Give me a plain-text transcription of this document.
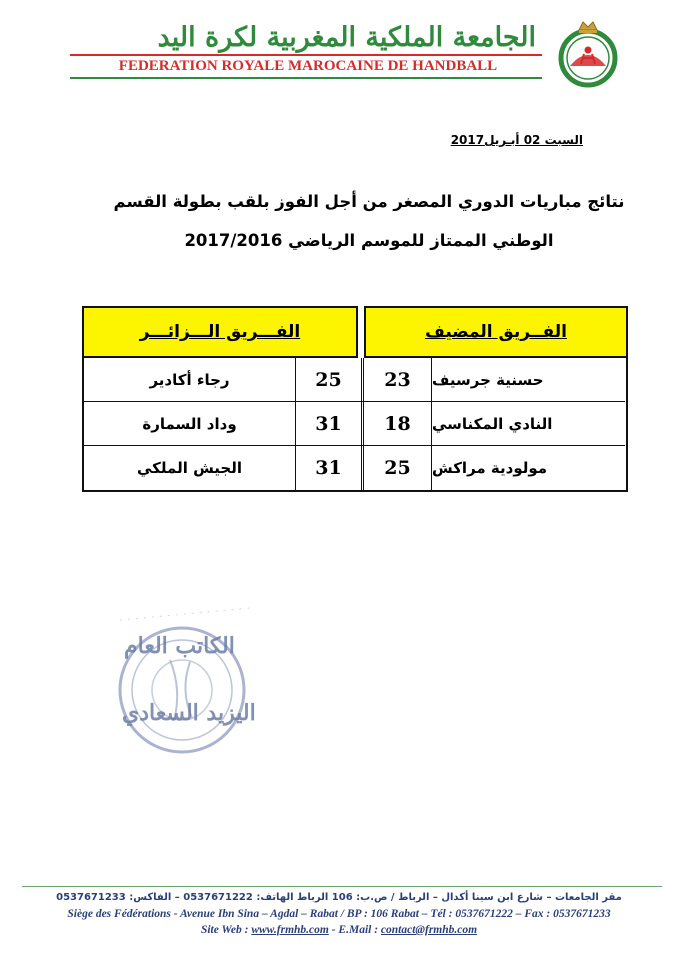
الجامعة الملكية المغربية لكرة اليد
FEDERATION ROYALE MAROCAINE DE HANDBALL
السبت 02 أبـريل2017
نتائج مباريات الدوري المصغر من أجل الفوز بلقب بطولة القسم
الوطني الممتاز للموسم الرياضي 2017/2016
الفـــريق الـــزائـــر	الفــريق المضيف
رجاء أكادير	25	23	حسنية جرسيف
وداد السمارة	31	18	النادي المكناسي
الجيش الملكي	31	25	مولودية مراكش
الكاتب العام
اليزيد السعادي
مقر الجامعات – شارع ابن سينا أكدال – الرباط / ص.ب: 106 الرباط الهاتف: 0537671222 – الفاكس: 0537671233
Siège des Fédérations - Avenue Ibn Sina – Agdal – Rabat / BP : 106 Rabat – Tél : 0537671222 – Fax : 0537671233
Site Web : www.frmhb.com - E.Mail : contact@frmhb.com
